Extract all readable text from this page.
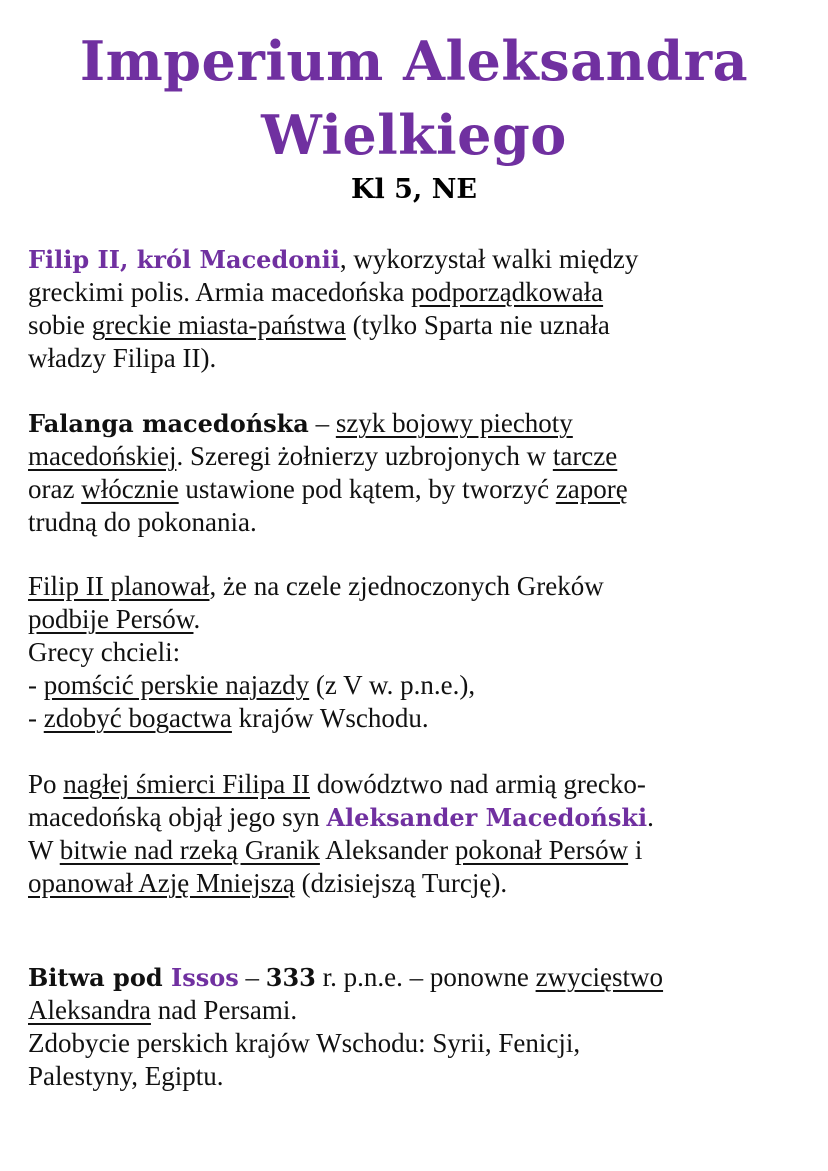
Imperium Aleksandra
Wielkiego
Kl 5, NE
Filip II, król Macedonii, wykorzystał walki między
greckimi polis. Armia macedońska podporządkowała
sobie greckie miasta-państwa (tylko Sparta nie uznała
władzy Filipa II).
Falanga macedońska – szyk bojowy piechoty
macedońskiej. Szeregi żołnierzy uzbrojonych w tarcze
oraz włócznie ustawione pod kątem, by tworzyć zaporę
trudną do pokonania.
Filip II planował, że na czele zjednoczonych Greków
podbije Persów.
Grecy chcieli:
- pomścić perskie najazdy (z V w. p.n.e.),
- zdobyć bogactwa krajów Wschodu.
Po nagłej śmierci Filipa II dowództwo nad armią grecko-
macedońską objął jego syn Aleksander Macedoński.
W bitwie nad rzeką Granik Aleksander pokonał Persów i
opanował Azję Mniejszą (dzisiejszą Turcję).
Bitwa pod Issos – 333 r. p.n.e. – ponowne zwycięstwo
Aleksandra nad Persami.
Zdobycie perskich krajów Wschodu: Syrii, Fenicji,
Palestyny, Egiptu.
